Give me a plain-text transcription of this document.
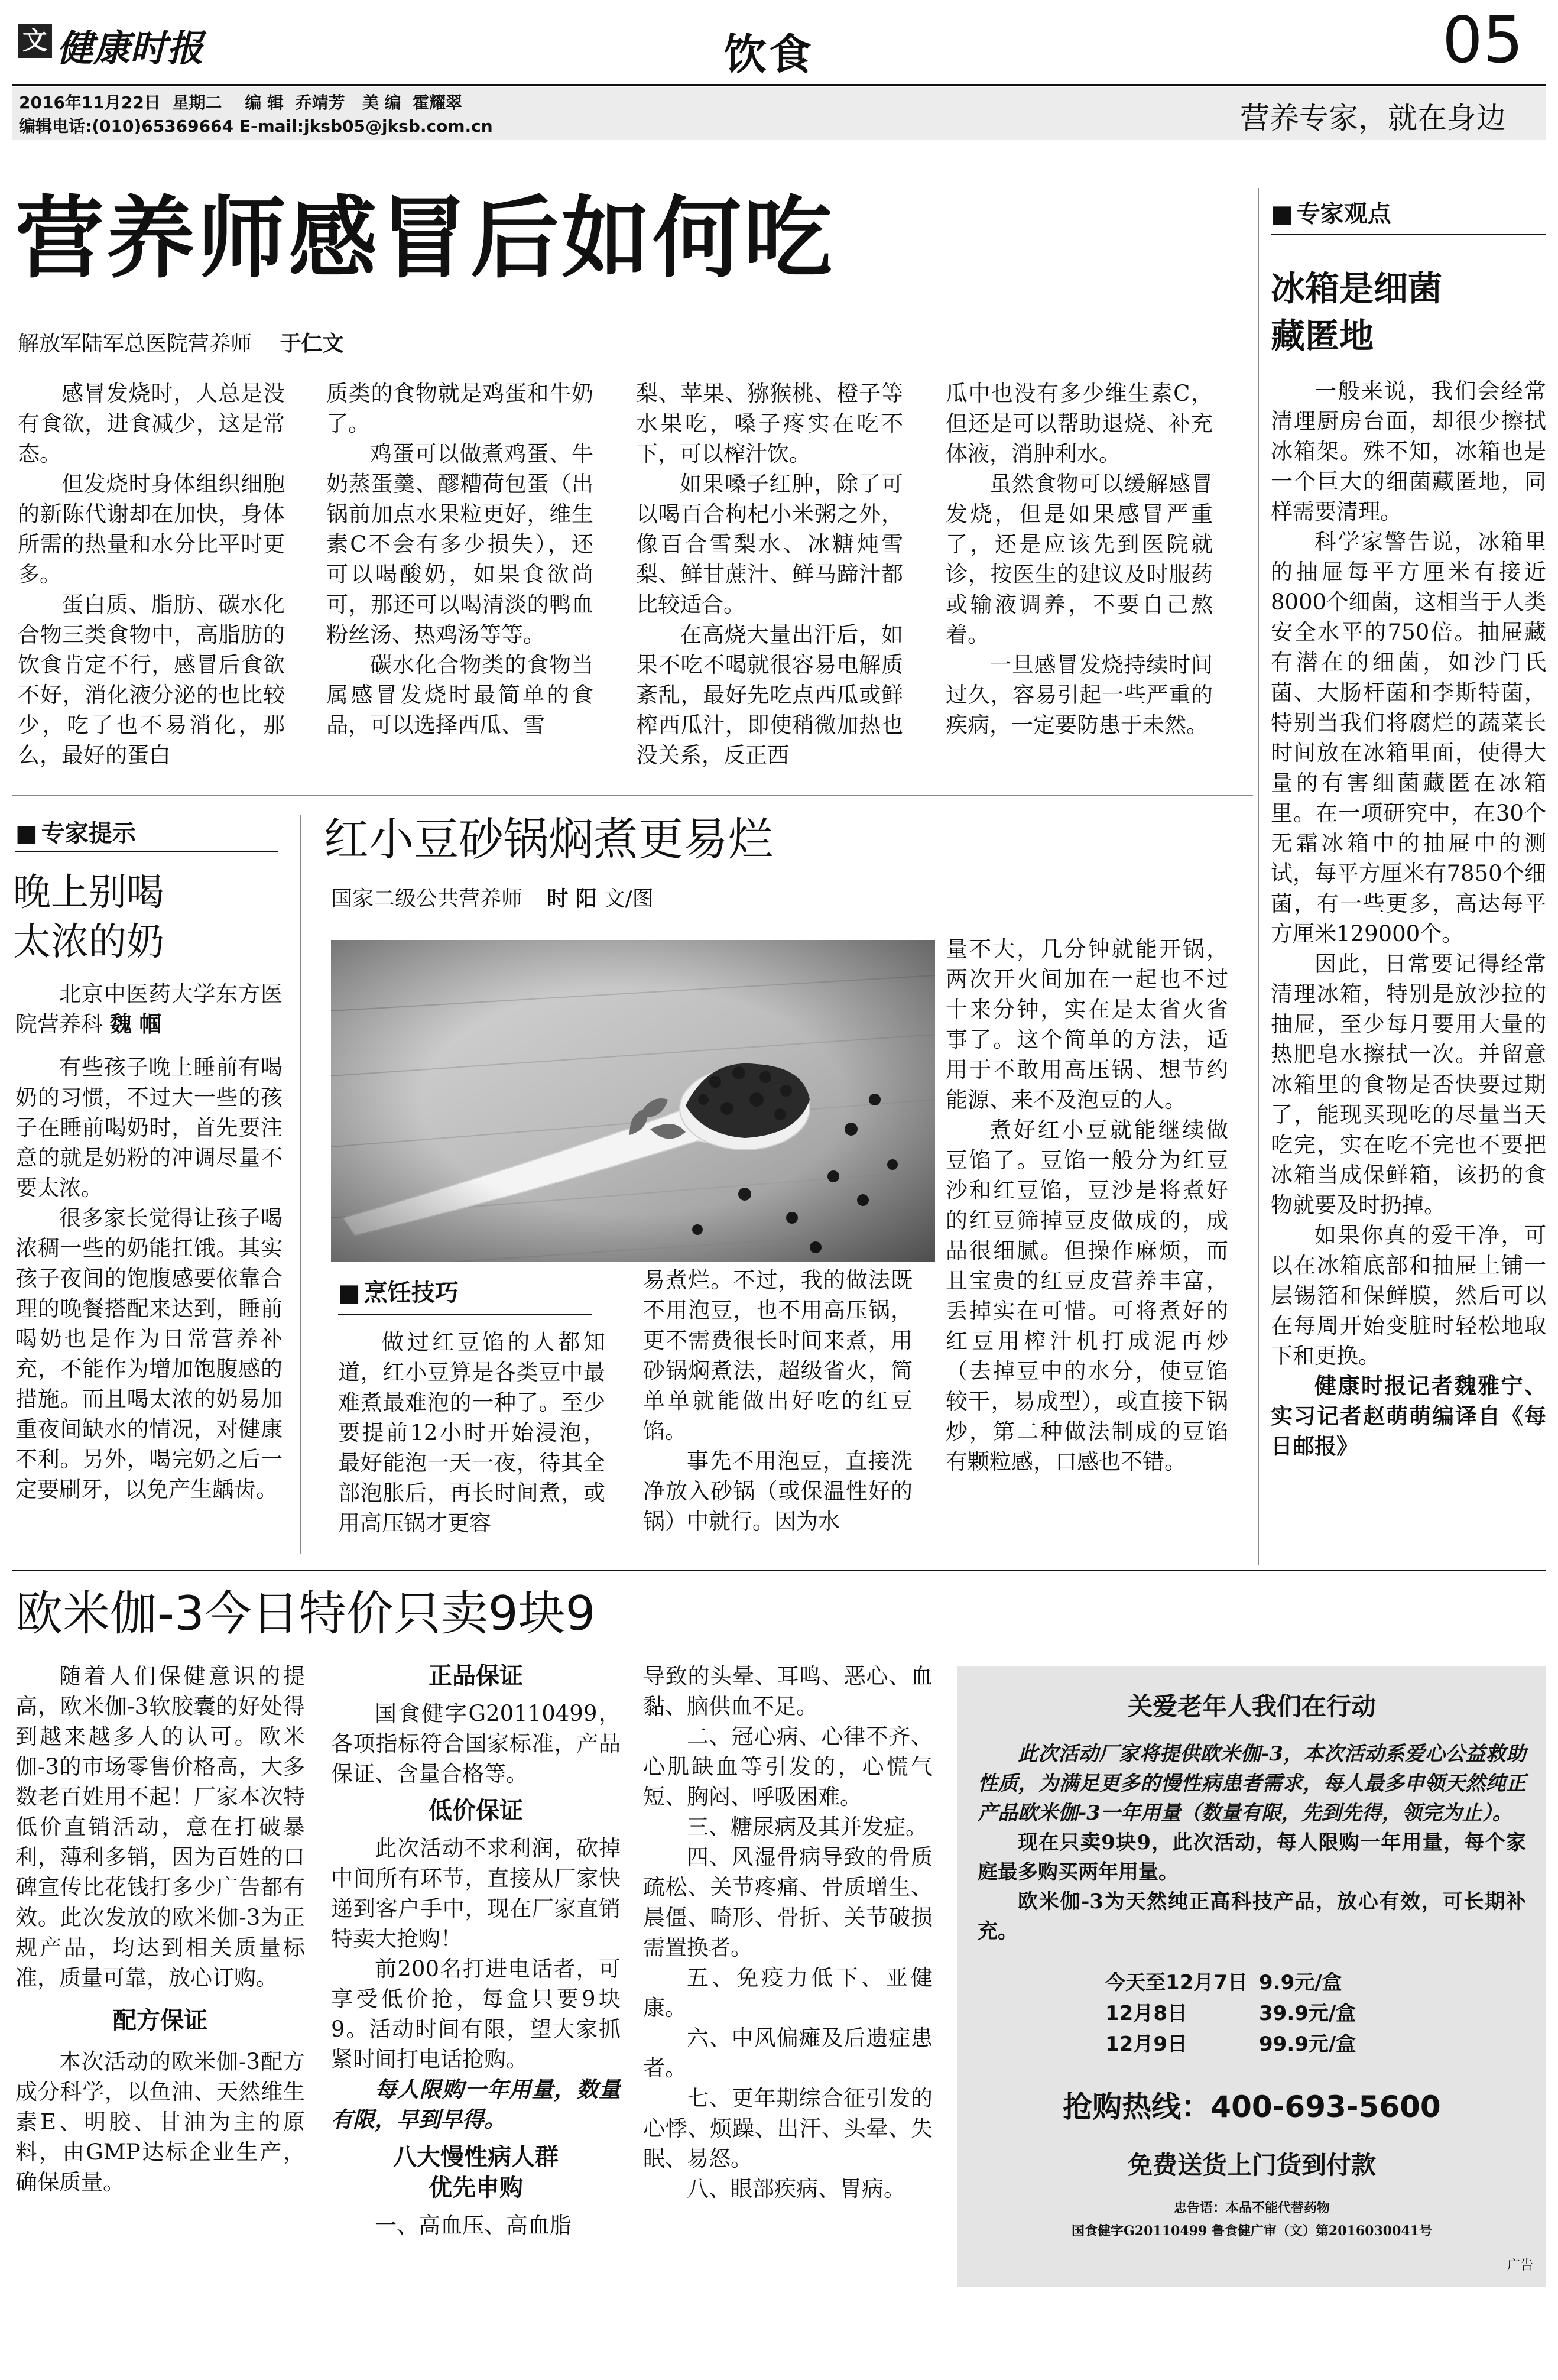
文 健康时报	饮食	05
2016年11月22日  星期二    编 辑  乔靖芳   美 编  霍耀翠
编辑电话:(010)65369664 E-mail:jksb05@jksb.com.cn	营养专家，就在身边
营养师感冒后如何吃
解放军陆军总医院营养师 于仁文

感冒发烧时，人总是没有食欲，进食减少，这是常态。

但发烧时身体组织细胞的新陈代谢却在加快，身体所需的热量和水分比平时更多。

蛋白质、脂肪、碳水化合物三类食物中，高脂肪的饮食肯定不行，感冒后食欲不好，消化液分泌的也比较少，吃了也不易消化，那么，最好的蛋白

质类的食物就是鸡蛋和牛奶了。

鸡蛋可以做煮鸡蛋、牛奶蒸蛋羹、醪糟荷包蛋（出锅前加点水果粒更好，维生素C不会有多少损失），还可以喝酸奶，如果食欲尚可，那还可以喝清淡的鸭血粉丝汤、热鸡汤等等。

碳水化合物类的食物当属感冒发烧时最简单的食品，可以选择西瓜、雪

梨、苹果、猕猴桃、橙子等水果吃，嗓子疼实在吃不下，可以榨汁饮。

如果嗓子红肿，除了可以喝百合枸杞小米粥之外，像百合雪梨水、冰糖炖雪梨、鲜甘蔗汁、鲜马蹄汁都比较适合。

在高烧大量出汗后，如果不吃不喝就很容易电解质紊乱，最好先吃点西瓜或鲜榨西瓜汁，即使稍微加热也没关系，反正西

瓜中也没有多少维生素C，但还是可以帮助退烧、补充体液，消肿利水。

虽然食物可以缓解感冒发烧，但是如果感冒严重了，还是应该先到医院就诊，按医生的建议及时服药或输液调养，不要自己熬着。

一旦感冒发烧持续时间过久，容易引起一些严重的疾病，一定要防患于未然。

■ 专家观点
冰箱是细菌
藏匿地

一般来说，我们会经常清理厨房台面，却很少擦拭冰箱架。殊不知，冰箱也是一个巨大的细菌藏匿地，同样需要清理。

科学家警告说，冰箱里的抽屉每平方厘米有接近8000个细菌，这相当于人类安全水平的750倍。抽屉藏有潜在的细菌，如沙门氏菌、大肠杆菌和李斯特菌，特别当我们将腐烂的蔬菜长时间放在冰箱里面，使得大量的有害细菌藏匿在冰箱里。在一项研究中，在30个无霜冰箱中的抽屉中的测试，每平方厘米有7850个细菌，有一些更多，高达每平方厘米129000个。

因此，日常要记得经常清理冰箱，特别是放沙拉的抽屉，至少每月要用大量的热肥皂水擦拭一次。并留意冰箱里的食物是否快要过期了，能现买现吃的尽量当天吃完，实在吃不完也不要把冰箱当成保鲜箱，该扔的食物就要及时扔掉。

如果你真的爱干净，可以在冰箱底部和抽屉上铺一层锡箔和保鲜膜，然后可以在每周开始变脏时轻松地取下和更换。

健康时报记者魏雅宁、实习记者赵萌萌编译自《每日邮报》

■ 专家提示
晚上别喝
太浓的奶

北京中医药大学东方医院营养科 魏 帼

有些孩子晚上睡前有喝奶的习惯，不过大一些的孩子在睡前喝奶时，首先要注意的就是奶粉的冲调尽量不要太浓。

很多家长觉得让孩子喝浓稠一些的奶能扛饿。其实孩子夜间的饱腹感要依靠合理的晚餐搭配来达到，睡前喝奶也是作为日常营养补充，不能作为增加饱腹感的措施。而且喝太浓的奶易加重夜间缺水的情况，对健康不利。另外，喝完奶之后一定要刷牙，以免产生龋齿。

红小豆砂锅焖煮更易烂
国家二级公共营养师 时 阳 文/图
■ 烹饪技巧

做过红豆馅的人都知道，红小豆算是各类豆中最难煮最难泡的一种了。至少要提前12小时开始浸泡，最好能泡一天一夜，待其全部泡胀后，再长时间煮，或用高压锅才更容

易煮烂。不过，我的做法既不用泡豆，也不用高压锅，更不需费很长时间来煮，用砂锅焖煮法，超级省火，简单单就能做出好吃的红豆馅。

事先不用泡豆，直接洗净放入砂锅（或保温性好的锅）中就行。因为水

量不大，几分钟就能开锅，两次开火间加在一起也不过十来分钟，实在是太省火省事了。这个简单的方法，适用于不敢用高压锅、想节约能源、来不及泡豆的人。

煮好红小豆就能继续做豆馅了。豆馅一般分为红豆沙和红豆馅，豆沙是将煮好的红豆筛掉豆皮做成的，成品很细腻。但操作麻烦，而且宝贵的红豆皮营养丰富，丢掉实在可惜。可将煮好的红豆用榨汁机打成泥再炒（去掉豆中的水分，使豆馅较干，易成型），或直接下锅炒，第二种做法制成的豆馅有颗粒感，口感也不错。

欧米伽-3今日特价只卖9块9

随着人们保健意识的提高，欧米伽-3软胶囊的好处得到越来越多人的认可。欧米伽-3的市场零售价格高，大多数老百姓用不起！厂家本次特低价直销活动，意在打破暴利，薄利多销，因为百姓的口碑宣传比花钱打多少广告都有效。此次发放的欧米伽-3为正规产品，均达到相关质量标准，质量可靠，放心订购。

配方保证

本次活动的欧米伽-3配方成分科学，以鱼油、天然维生素E、明胶、甘油为主的原料，由GMP达标企业生产，确保质量。

正品保证

国食健字G20110499，各项指标符合国家标准，产品保证、含量合格等。

低价保证

此次活动不求利润，砍掉中间所有环节，直接从厂家快递到客户手中，现在厂家直销特卖大抢购！

前200名打进电话者，可享受低价抢，每盒只要9块9。活动时间有限，望大家抓紧时间打电话抢购。

每人限购一年用量，数量有限，早到早得。

八大慢性病人群
优先申购

一、高血压、高血脂

导致的头晕、耳鸣、恶心、血黏、脑供血不足。

二、冠心病、心律不齐、心肌缺血等引发的，心慌气短、胸闷、呼吸困难。

三、糖尿病及其并发症。

四、风湿骨病导致的骨质疏松、关节疼痛、骨质增生、晨僵、畸形、骨折、关节破损需置换者。

五、免疫力低下、亚健康。

六、中风偏瘫及后遗症患者。

七、更年期综合征引发的心悸、烦躁、出汗、头晕、失眠、易怒。

八、眼部疾病、胃病。

关爱老年人我们在行动

此次活动厂家将提供欧米伽-3，本次活动系爱心公益救助性质，为满足更多的慢性病患者需求，每人最多申领天然纯正产品欧米伽-3一年用量（数量有限，先到先得，领完为止）。

现在只卖9块9，此次活动，每人限购一年用量，每个家庭最多购买两年用量。

欧米伽-3为天然纯正高科技产品，放心有效，可长期补充。

今天至12月7日 9.9元/盒
12月8日	39.9元/盒
12月9日	99.9元/盒
抢购热线：400-693-5600
免费送货上门货到付款
忠告语：本品不能代替药物
国食健字G20110499 鲁食健广审（文）第2016030041号
广告
